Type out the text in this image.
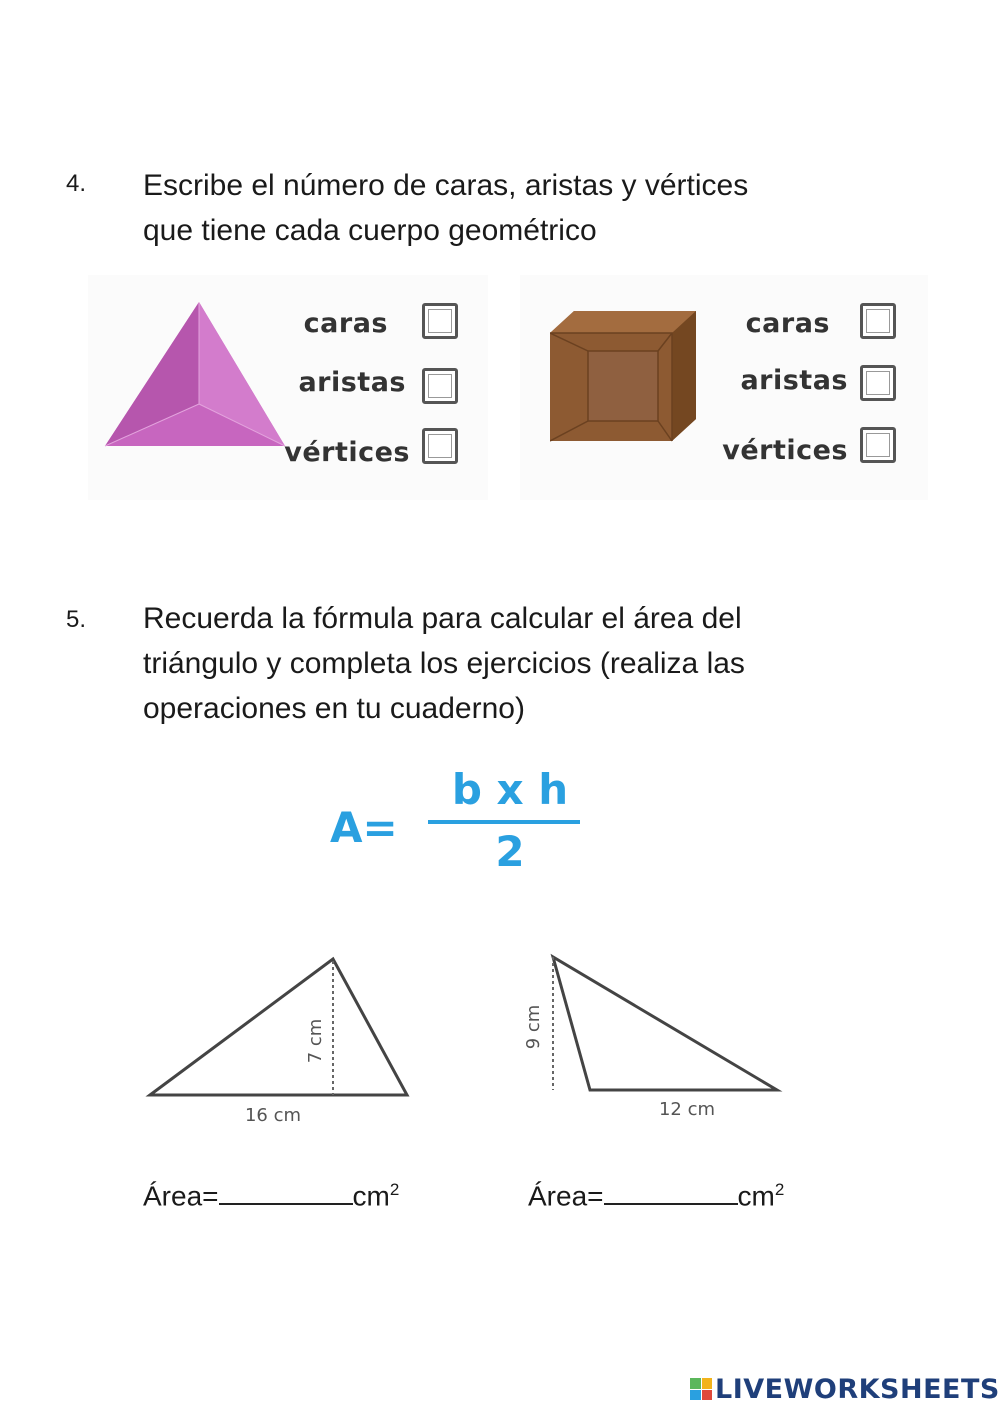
4. Escribe el número de caras, aristas y vértices
que tiene cada cuerpo geométrico
caras
aristas
vértices
caras
aristas
vértices
5. Recuerda la fórmula para calcular el área del
triángulo y completa los ejercicios (realiza las
operaciones en tu cuaderno)
A=
b x h
2
7 cm
16 cm
9 cm
12 cm
Área=	$cm^2$	Área=	$cm^2$
LIVEWORKSHEETS
